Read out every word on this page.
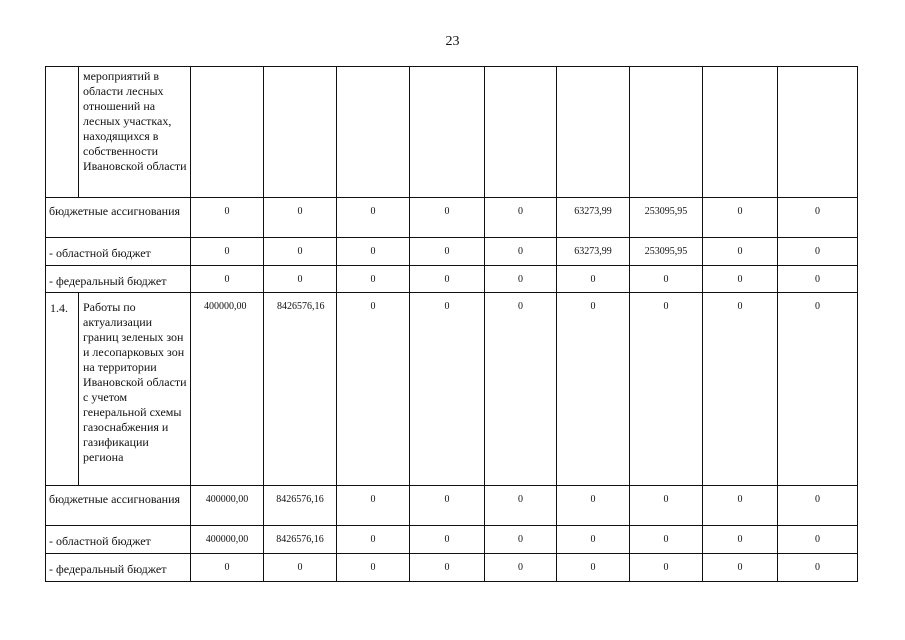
23
	мероприятий в области лесных отношений на лесных участках, находящихся в собственности Ивановской области									
бюджетные ассигнования		0	0	0	0	0	63273,99	253095,95	0	0
- областной бюджет		0	0	0	0	0	63273,99	253095,95	0	0
- федеральный бюджет		0	0	0	0	0	0	0	0	0
1.4.	Работы по актуализации границ зеленых зон и лесопарковых зон на территории Ивановской области с учетом генеральной схемы газоснабжения и газификации региона	400000,00	8426576,16	0	0	0	0	0	0	0
бюджетные ассигнования		400000,00	8426576,16	0	0	0	0	0	0	0
- областной бюджет		400000,00	8426576,16	0	0	0	0	0	0	0
- федеральный бюджет		0	0	0	0	0	0	0	0	0
